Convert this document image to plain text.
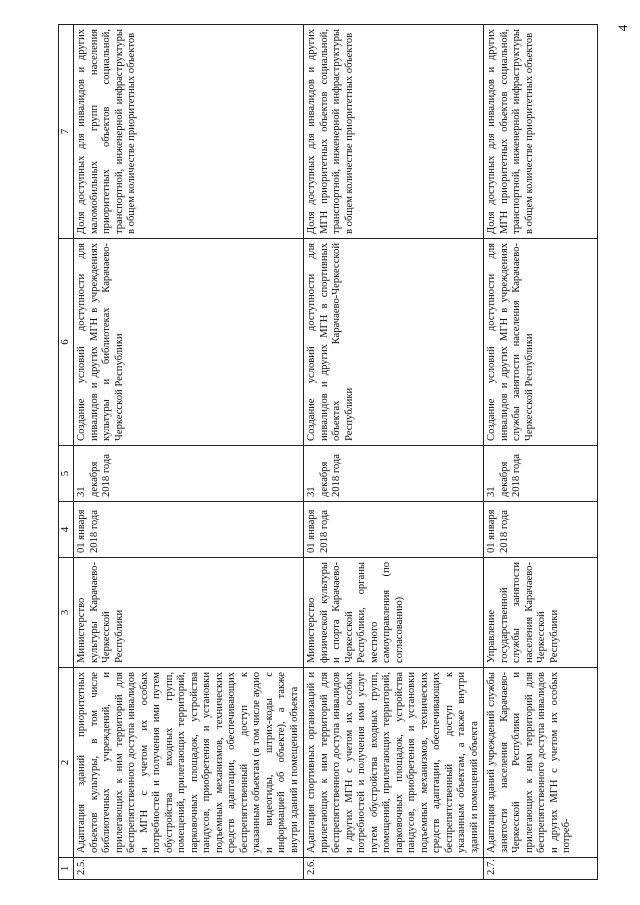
4
1	2	3	4	5	6	7
2.5.	Адаптация зданий приоритетных объектов культуры, в том числе библиотечных учреждений, и прилегающих к ним территорий для беспрепятственного доступа инвалидов и МГН с учетом их особых потребностей и получения ими путем обустройства входных групп, помещений, прилегающих территорий, парковочных площадок, устройства пандусов, приобретения и установки подъемных механизмов, технических средств адаптации, обеспечивающих беспрепятственный доступ к указанным объектам (в том числе аудио и видеогиды, штрих-коды с информацией об объекте), а также внутри зданий и помещений объекта	Министерство культуры Карачаево-Черкесской Республики	01 января 2018 года	31 декабря 2018 года	Создание условий доступности для инвалидов и других МГН в учреждениях культуры и библиотеках Карачаево-Черкесской Республики	Доля доступных для инвалидов и других маломобильных групп населения приоритетных объектов социальной, транспортной, инженерной инфраструктуры в общем количестве приоритетных объектов
2.6.	Адаптация спортивных организаций и прилегающих к ним территорий для беспрепятственного доступа инвалидов и других МГН с учетом их особых потребностей и получения ими услуг путем обустройства входных групп, помещений, прилегающих территорий, парковочных площадок, устройства пандусов, приобретения и установки подъемных механизмов, технических средств адаптации, обеспечивающих беспрепятственный доступ к указанным объектам, а также внутри зданий и помещений объекта	Министерство физической культуры и спорта Карачаево-Черкесской Республики, органы местного самоуправления (по согласованию)	01 января 2018 года	31 декабря 2018 года	Создание условий доступности для инвалидов и других МГН в спортивных объектах Карачаево-Черкесской Республики	Доля доступных для инвалидов и других МГН приоритетных объектов социальной, транспортной, инженерной инфраструктуры в общем количестве приоритетных объектов
2.7.	Адаптация зданий учреждений службы занятости населения Карачаево-Черкесской Республики и прилегающих к ним территорий для беспрепятственного доступа инвалидов и других МГН с учетом их особых потреб-	Управление государственной службы занятости населения Карачаево-Черкесской Республики	01 января 2018 года	31 декабря 2018 года	Создание условий доступности для инвалидов и других МГН в учреждениях службы занятости населения Карачаево-Черкесской Республики	Доля доступных для инвалидов и других МГН приоритетных объектов социальной, транспортной, инженерной инфраструктуры в общем количестве приоритетных объектов
